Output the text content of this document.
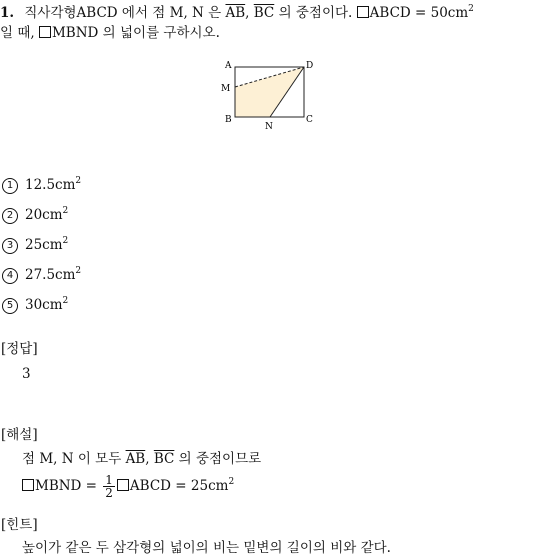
1. 직사각형ABCD 에서 점 M, N 은 $\overline{AB}$, $\overline{BC}$ 의 중점이다. ABCD = $50cm^2$
일 때, MBND 의 넓이를 구하시오.
A	D
M
B
N
C
1 $12.5cm^2$
2 $20cm^2$
3 $25cm^2$
4 $27.5cm^2$
5 $30cm^2$
[정답]
3
[해설]
점 M, N 이 모두 $\overline{AB}$, $\overline{BC}$ 의 중점이므로
MBND = $\frac{1}{2}$ ABCD = $25cm^2$
[힌트]
높이가 같은 두 삼각형의 넓이의 비는 밑변의 길이의 비와 같다.
